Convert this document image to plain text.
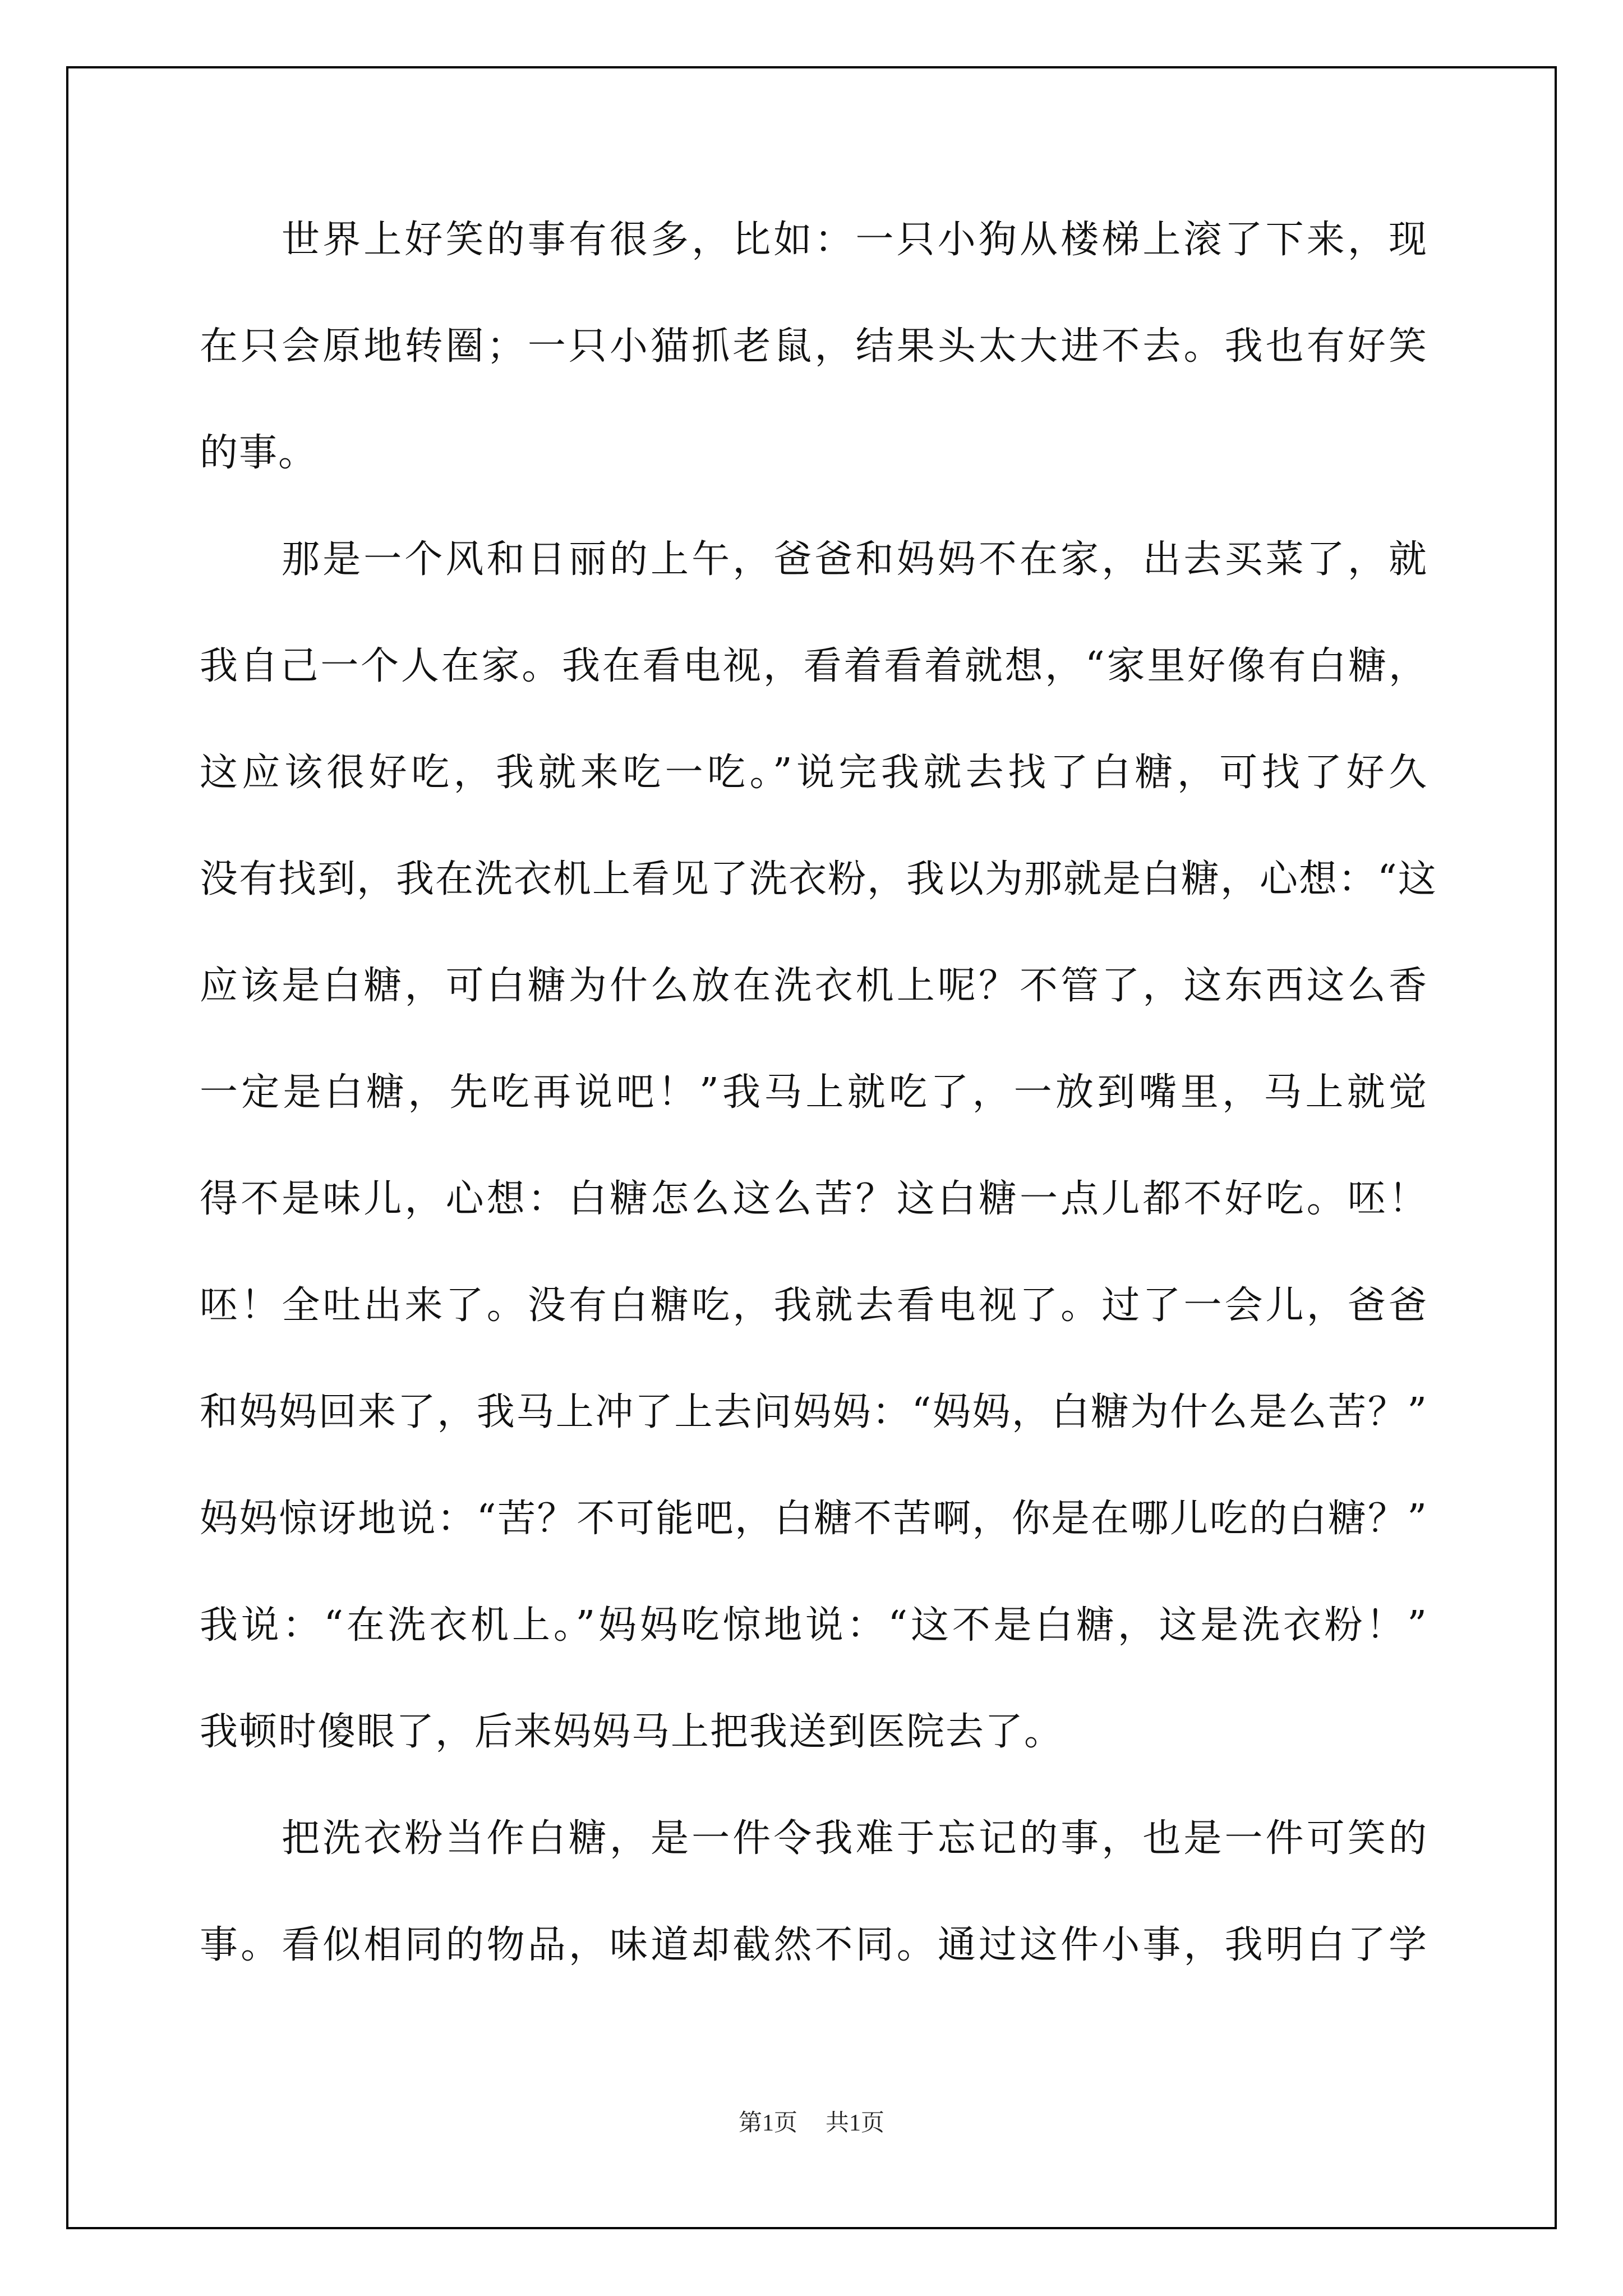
世界上好笑的事有很多，比如：一只小狗从楼梯上滚了下来，现
在只会原地转圈；一只小猫抓老鼠，结果头太大进不去。我也有好笑
的事。
那是一个风和日丽的上午，爸爸和妈妈不在家，出去买菜了，就
我自己一个人在家。我在看电视，看着看着就想，“家里好像有白糖，
这应该很好吃，我就来吃一吃。”说完我就去找了白糖，可找了好久
没有找到，我在洗衣机上看见了洗衣粉，我以为那就是白糖，心想：“这
应该是白糖，可白糖为什么放在洗衣机上呢？不管了，这东西这么香
一定是白糖，先吃再说吧！”我马上就吃了，一放到嘴里，马上就觉
得不是味儿，心想：白糖怎么这么苦？这白糖一点儿都不好吃。呸！
呸！全吐出来了。没有白糖吃，我就去看电视了。过了一会儿，爸爸
和妈妈回来了，我马上冲了上去问妈妈：“妈妈，白糖为什么是么苦？”
妈妈惊讶地说：“苦？不可能吧，白糖不苦啊，你是在哪儿吃的白糖？”
我说：“在洗衣机上。”妈妈吃惊地说：“这不是白糖，这是洗衣粉！”
我顿时傻眼了，后来妈妈马上把我送到医院去了。
把洗衣粉当作白糖，是一件令我难于忘记的事，也是一件可笑的
事。看似相同的物品，味道却截然不同。通过这件小事，我明白了学
第1页 共1页
